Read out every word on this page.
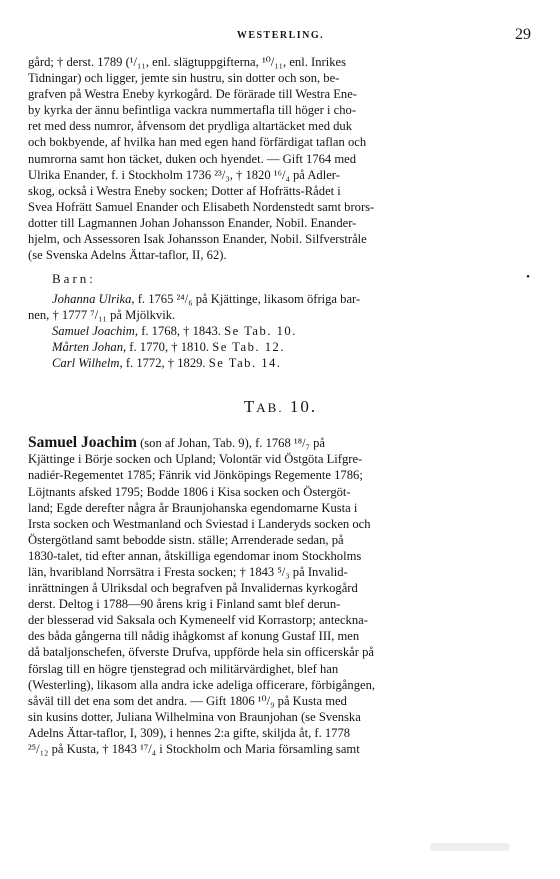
WESTERLING.	29

gård; † derst. 1789 (¹/₁₁, enl. slägtuppgifterna, ¹⁰/₁₁, enl. Inrikes
Tidningar) och ligger, jemte sin hustru, sin dotter och son, be-
grafven på Westra Eneby kyrkogård. De förärade till Westra Ene-
by kyrka der ännu befintliga vackra nummertafla till höger i cho-
ret med dess numror, åfvensom det prydliga altartäcket med duk
och bokbyende, af hvilka han med egen hand förfärdigat taflan och
numrorna samt hon täcket, duken och hyendet. — Gift 1764 med
Ulrika Enander, f. i Stockholm 1736 ²³/₃, † 1820 ¹⁶/₄ på Adler-
skog, också i Westra Eneby socken; Dotter af Hofrätts-Rådet i
Svea Hofrätt Samuel Enander och Elisabeth Nordenstedt samt brors-
dotter till Lagmannen Johan Johansson Enander, Nobil. Enander-
hjelm, och Assessoren Isak Johansson Enander, Nobil. Silfverstråle
(se Svenska Adelns Ättar-taflor, II, 62).

Barn:	•
Johanna Ulrika, f. 1765 ²⁴/₆ på Kjättinge, likasom öfriga bar-
nen, † 1777 ⁷/₁₁ på Mjölkvik.
Samuel Joachim, f. 1768, † 1843. Se Tab. 10.
Mårten Johan, f. 1770, † 1810. Se Tab. 12.
Carl Wilhelm, f. 1772, † 1829. Se Tab. 14.
TAB. 10.

Samuel Joachim (son af Johan, Tab. 9), f. 1768 ¹⁸/₇ på
Kjättinge i Börje socken och Upland; Volontär vid Östgöta Lifgre-
nadiér-Regementet 1785; Fänrik vid Jönköpings Regemente 1786;
Löjtnants afsked 1795; Bodde 1806 i Kisa socken och Östergöt-
land; Egde derefter några år Braunjohanska egendomarne Kusta i
Irsta socken och Westmanland och Sviestad i Landeryds socken och
Östergötland samt bebodde sistn. ställe; Arrenderade sedan, på
1830-talet, tid efter annan, åtskilliga egendomar inom Stockholms
län, hvaribland Norrsätra i Fresta socken; † 1843 ⁵/₃ på Invalid-
inrättningen å Ulriksdal och begrafven på Invalidernas kyrkogård
derst. Deltog i 1788—90 årens krig i Finland samt blef derun-
der blesserad vid Saksala och Kymeneelf vid Korrastorp; anteckna-
des båda gångerna till nådig ihågkomst af konung Gustaf III, men
då bataljonschefen, öfverste Drufva, uppförde hela sin officerskår på
förslag till en högre tjenstegrad och militärvärdighet, blef han
(Westerling), likasom alla andra icke adeliga officerare, förbigången,
såväl till det ena som det andra. — Gift 1806 ¹⁰/₉ på Kusta med
sin kusins dotter, Juliana Wilhelmina von Braunjohan (se Svenska
Adelns Ättar-taflor, I, 309), i hennes 2:a gifte, skiljda åt, f. 1778
²⁵/₁₂ på Kusta, † 1843 ¹⁷/₄ i Stockholm och Maria församling samt
